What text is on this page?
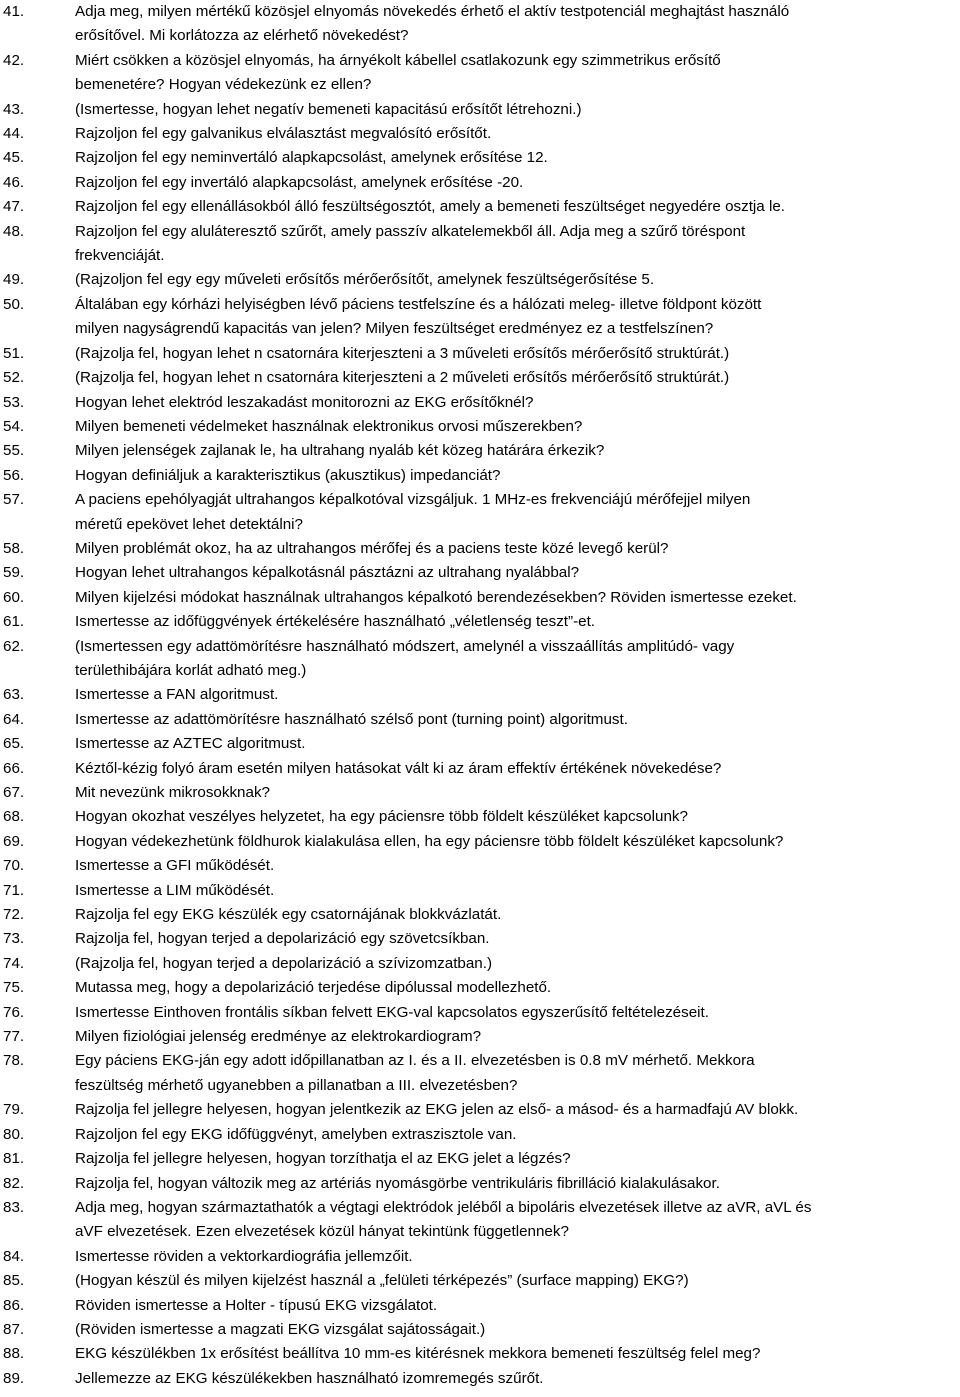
41.	Adja meg, milyen mértékű közösjel elnyomás növekedés érhető el aktív testpotenciál meghajtást használó
erősítővel. Mi korlátozza az elérhető növekedést?
42.	Miért csökken a közösjel elnyomás, ha árnyékolt kábellel csatlakozunk egy szimmetrikus erősítő
bemenetére? Hogyan védekezünk ez ellen?
43.	(Ismertesse, hogyan lehet negatív bemeneti kapacitású erősítőt létrehozni.)
44.	Rajzoljon fel egy galvanikus elválasztást megvalósító erősítőt.
45.	Rajzoljon fel egy neminvertáló alapkapcsolást, amelynek erősítése 12.
46.	Rajzoljon fel egy invertáló alapkapcsolást, amelynek erősítése -20.
47.	Rajzoljon fel egy ellenállásokból álló feszültségosztót, amely a bemeneti feszültséget negyedére osztja le.
48.	Rajzoljon fel egy aluláteresztő szűrőt, amely passzív alkatelemekből áll. Adja meg a szűrő töréspont
frekvenciáját.
49.	(Rajzoljon fel egy egy műveleti erősítős mérőerősítőt, amelynek feszültségerősítése 5.
50.	Általában egy kórházi helyiségben lévő páciens testfelszíne és a hálózati meleg- illetve földpont között
milyen nagyságrendű kapacitás van jelen? Milyen feszültséget eredményez ez a testfelszínen?
51.	(Rajzolja fel, hogyan lehet n csatornára kiterjeszteni a 3 műveleti erősítős mérőerősítő struktúrát.)
52.	(Rajzolja fel, hogyan lehet n csatornára kiterjeszteni a 2 műveleti erősítős mérőerősítő struktúrát.)
53.	Hogyan lehet elektród leszakadást monitorozni az EKG erősítőknél?
54.	Milyen bemeneti védelmeket használnak elektronikus orvosi műszerekben?
55.	Milyen jelenségek zajlanak le, ha ultrahang nyaláb két közeg határára érkezik?
56.	Hogyan definiáljuk a karakterisztikus (akusztikus) impedanciát?
57.	A paciens epehólyagját ultrahangos képalkotóval vizsgáljuk. 1 MHz-es frekvenciájú mérőfejjel milyen
méretű epekövet lehet detektálni?
58.	Milyen problémát okoz, ha az ultrahangos mérőfej és a paciens teste közé levegő kerül?
59.	Hogyan lehet ultrahangos képalkotásnál pásztázni az ultrahang nyalábbal?
60.	Milyen kijelzési módokat használnak ultrahangos képalkotó berendezésekben? Röviden ismertesse ezeket.
61.	Ismertesse az időfüggvények értékelésére használható „véletlenség teszt”-et.
62.	(Ismertessen egy adattömörítésre használható módszert, amelynél a visszaállítás amplitúdó- vagy
területhibájára korlát adható meg.)
63.	Ismertesse a FAN algoritmust.
64.	Ismertesse az adattömörítésre használható szélső pont (turning point) algoritmust.
65.	Ismertesse az AZTEC algoritmust.
66.	Kéztől-kézig folyó áram esetén milyen hatásokat vált ki az áram effektív értékének növekedése?
67.	Mit nevezünk mikrosokknak?
68.	Hogyan okozhat veszélyes helyzetet, ha egy páciensre több földelt készüléket kapcsolunk?
69.	Hogyan védekezhetünk földhurok kialakulása ellen, ha egy páciensre több földelt készüléket kapcsolunk?
70.	Ismertesse a GFI működését.
71.	Ismertesse a LIM működését.
72.	Rajzolja fel egy EKG készülék egy csatornájának blokkvázlatát.
73.	Rajzolja fel, hogyan terjed a depolarizáció egy szövetcsíkban.
74.	(Rajzolja fel, hogyan terjed a depolarizáció a szívizomzatban.)
75.	Mutassa meg, hogy a depolarizáció terjedése dipólussal modellezhető.
76.	Ismertesse Einthoven frontális síkban felvett EKG-val kapcsolatos egyszerűsítő feltételezéseit.
77.	Milyen fiziológiai jelenség eredménye az elektrokardiogram?
78.	Egy páciens EKG-ján egy adott időpillanatban az I. és a II. elvezetésben is 0.8 mV mérhető. Mekkora
feszültség mérhető ugyanebben a pillanatban a III. elvezetésben?
79.	Rajzolja fel jellegre helyesen, hogyan jelentkezik az EKG jelen az első- a másod- és a harmadfajú AV blokk.
80.	Rajzoljon fel egy EKG időfüggvényt, amelyben extraszisztole van.
81.	Rajzolja fel jellegre helyesen, hogyan torzíthatja el az EKG jelet a légzés?
82.	Rajzolja fel, hogyan változik meg az artériás nyomásgörbe ventrikuláris fibrilláció kialakulásakor.
83.	Adja meg, hogyan származtathatók a végtagi elektródok jeléből a bipoláris elvezetések illetve az aVR, aVL és
aVF elvezetések. Ezen elvezetések közül hányat tekintünk függetlennek?
84.	Ismertesse röviden a vektorkardiográfia jellemzőit.
85.	(Hogyan készül és milyen kijelzést használ a „felületi térképezés” (surface mapping) EKG?)
86.	Röviden ismertesse a Holter - típusú EKG vizsgálatot.
87.	(Röviden ismertesse a magzati EKG vizsgálat sajátosságait.)
88.	EKG készülékben 1x erősítést beállítva 10 mm-es kitérésnek mekkora bemeneti feszültség felel meg?
89.	Jellemezze az EKG készülékekben használható izomremegés szűrőt.
